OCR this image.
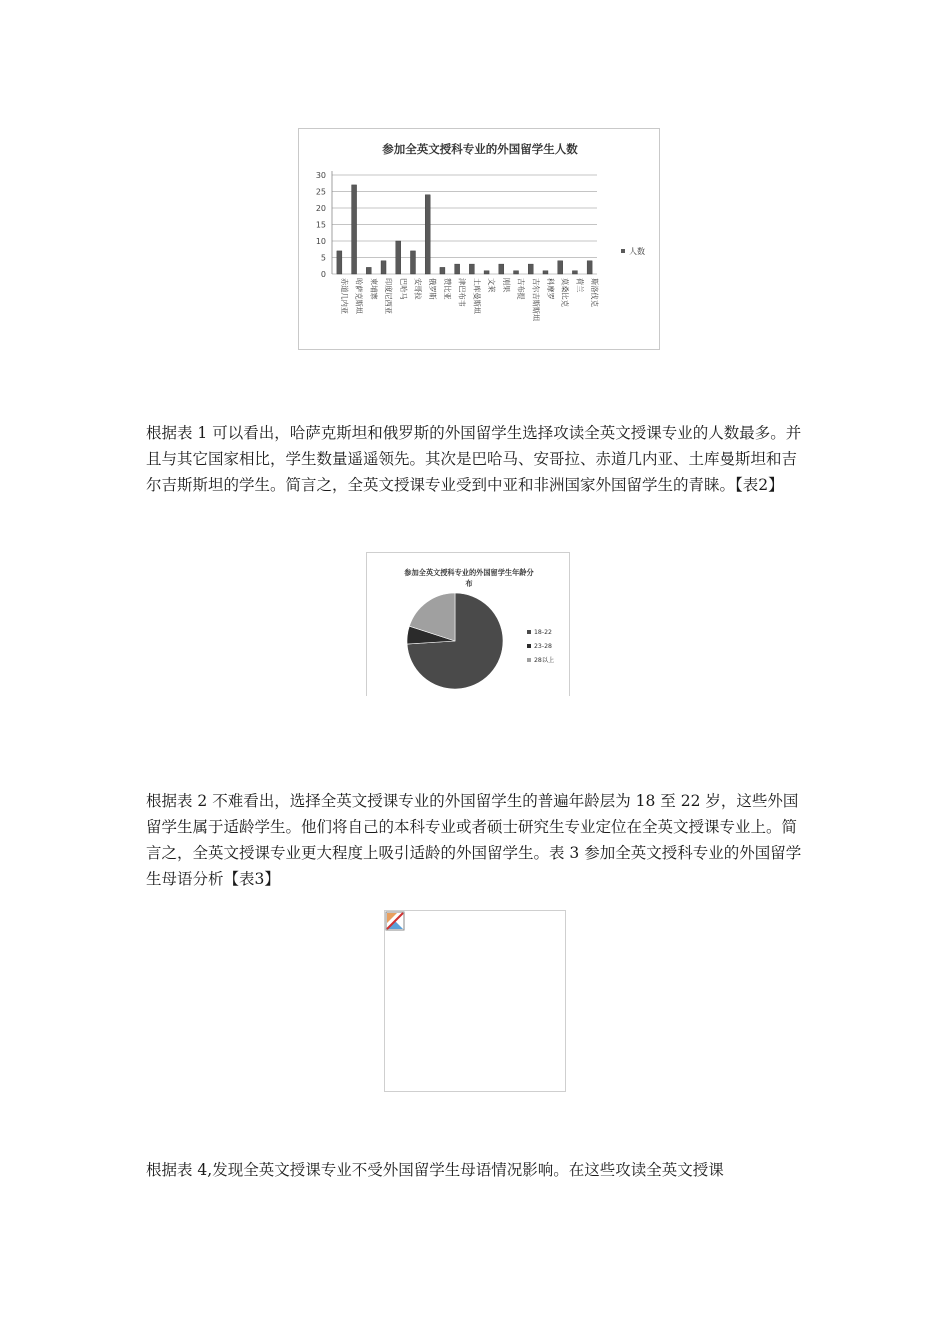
参加全英文授科专业的外国留学生人数
0
5
10
15
20
25
30
赤道几内亚 哈萨克斯坦 柬埔寨 印度尼西亚 巴哈马 安哥拉 俄罗斯 赞比亚 津巴布韦 土库曼斯坦 文莱 刚果 吉布提 吉尔吉斯斯坦 科摩罗 莫桑比克 荷兰 斯洛伐克
人数

根据表 1 可以看出，哈萨克斯坦和俄罗斯的外国留学生选择攻读全英文授课专业的人数最多。并且与其它国家相比，学生数量遥遥领先。其次是巴哈马、安哥拉、赤道几内亚、土库曼斯坦和吉尔吉斯斯坦的学生。简言之，全英文授课专业受到中亚和非洲国家外国留学生的青睐。【表2】

参加全英文授科专业的外国留学生年龄分
布
18-22
23-28
28以上

根据表 2 不难看出，选择全英文授课专业的外国留学生的普遍年龄层为 18 至 22 岁，这些外国留学生属于适龄学生。他们将自己的本科专业或者硕士研究生专业定位在全英文授课专业上。简言之，全英文授课专业更大程度上吸引适龄的外国留学生。表 3 参加全英文授科专业的外国留学生母语分析【表3】

根据表 4,发现全英文授课专业不受外国留学生母语情况影响。在这些攻读全英文授课
